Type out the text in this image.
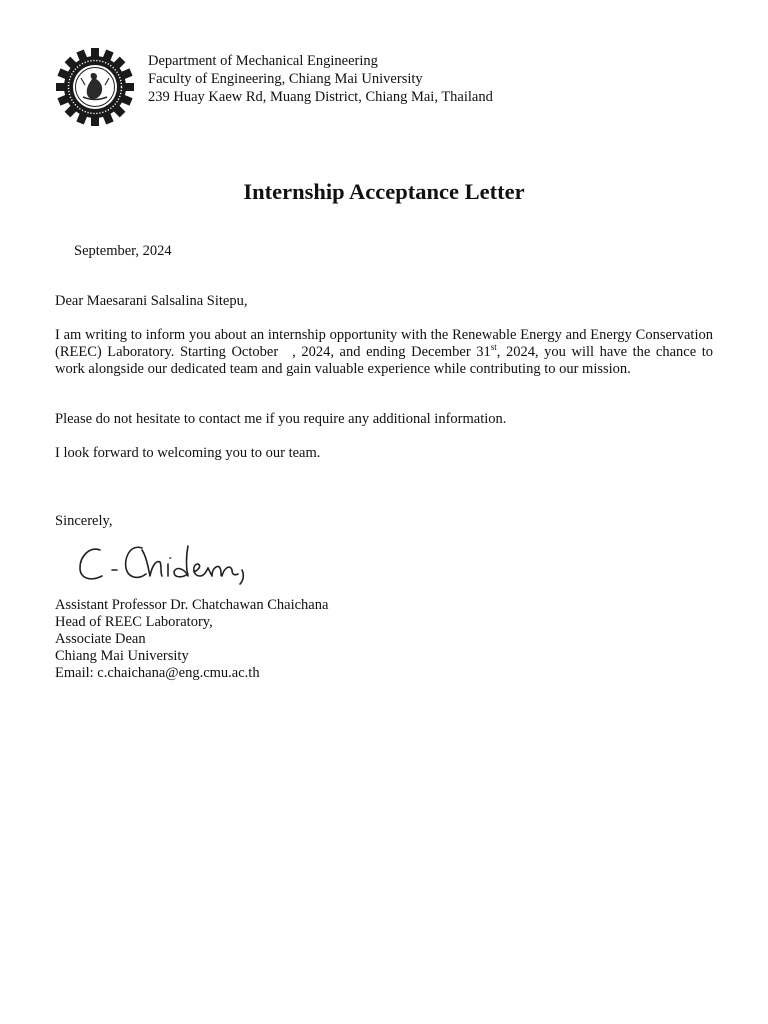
Department of Mechanical Engineering
Faculty of Engineering, Chiang Mai University
239 Huay Kaew Rd, Muang District, Chiang Mai, Thailand
Internship Acceptance Letter
September, 2024
Dear Maesarani Salsalina Sitepu,
I am writing to inform you about an internship opportunity with the Renewable Energy and Energy Conservation (REEC) Laboratory. Starting October , 2024, and ending December 31st, 2024, you will have the chance to work alongside our dedicated team and gain valuable experience while contributing to our mission.
Please do not hesitate to contact me if you require any additional information.
I look forward to welcoming you to our team.
Sincerely,
Assistant Professor Dr. Chatchawan Chaichana
Head of REEC Laboratory,
Associate Dean
Chiang Mai University
Email: c.chaichana@eng.cmu.ac.th
